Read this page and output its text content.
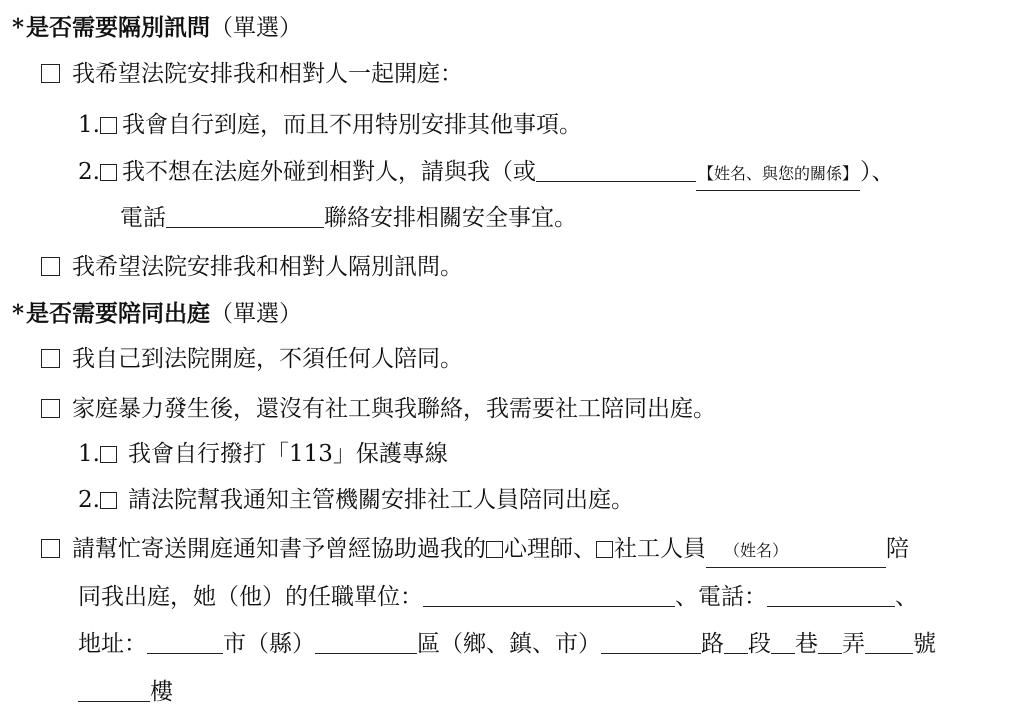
*是否需要隔別訊問（單選）
我希望法院安排我和相對人一起開庭：
1. 我會自行到庭，而且不用特別安排其他事項。
2. 我不想在法庭外碰到相對人，請與我（或	【姓名、與您的關係】）、
電話	聯絡安排相關安全事宜。
我希望法院安排我和相對人隔別訊問。
*是否需要陪同出庭（單選）
我自己到法院開庭，不須任何人陪同。
家庭暴力發生後，還沒有社工與我聯絡，我需要社工陪同出庭。
1. 我會自行撥打「113」保護專線
2. 請法院幫我通知主管機關安排社工人員陪同出庭。
請幫忙寄送開庭通知書予曾經協助過我的 心理師、 社工人員 （姓名）	陪
同我出庭，她（他）的任職單位：	、電話：	、
地址：	市（縣）	區（鄉、鎮、市）	路 段 巷 弄 號
樓
